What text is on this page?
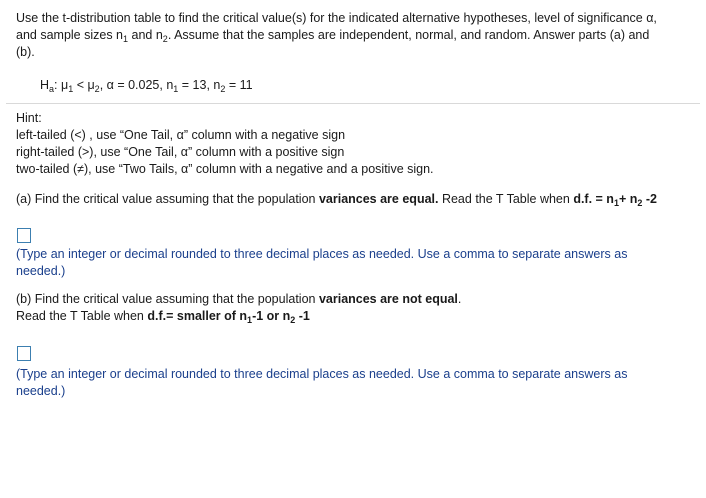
Use the t-distribution table to find the critical value(s) for the indicated alternative hypotheses, level of significance α,
and sample sizes $n_1$ and $n_2$. Assume that the samples are independent, normal, and random. Answer parts (a) and
(b).
$H_a$: $\mu_1 < \mu_2$, α = 0.025, $n_1 = 13$, $n_2 = 11$
Hint:
left-tailed (<) , use “One Tail, α” column with a negative sign
right-tailed (>), use “One Tail, α” column with a positive sign
two-tailed (≠), use “Two Tails, α” column with a negative and a positive sign.
(a) Find the critical value assuming that the population variances are equal. Read the T Table when d.f. = $n_1+ n_2$ -2
(Type an integer or decimal rounded to three decimal places as needed. Use a comma to separate answers as
needed.)
(b) Find the critical value assuming that the population variances are not equal.
Read the T Table when d.f.= smaller of $n_1-1$ or $n_2$ -1
(Type an integer or decimal rounded to three decimal places as needed. Use a comma to separate answers as
needed.)
